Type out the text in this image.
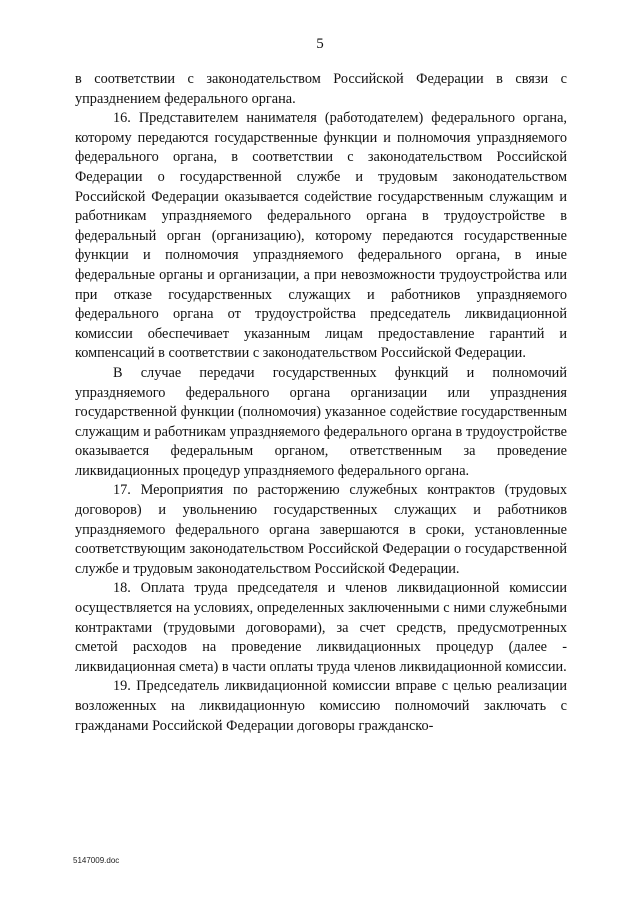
5

в соответствии с законодательством Российской Федерации в связи с упразднением федерального органа.

16. Представителем нанимателя (работодателем) федерального органа, которому передаются государственные функции и полномочия упраздняемого федерального органа, в соответствии с законодательством Российской Федерации о государственной службе и трудовым законодательством Российской Федерации оказывается содействие государственным служащим и работникам упраздняемого федерального органа в трудоустройстве в федеральный орган (организацию), которому передаются государственные функции и полномочия упраздняемого федерального органа, в иные федеральные органы и организации, а при невозможности трудоустройства или при отказе государственных служащих и работников упраздняемого федерального органа от трудоустройства председатель ликвидационной комиссии обеспечивает указанным лицам предоставление гарантий и компенсаций в соответствии с законодательством Российской Федерации.

В случае передачи государственных функций и полномочий упраздняемого федерального органа организации или упразднения государственной функции (полномочия) указанное содействие государственным служащим и работникам упраздняемого федерального органа в трудоустройстве оказывается федеральным органом, ответственным за проведение ликвидационных процедур упраздняемого федерального органа.

17. Мероприятия по расторжению служебных контрактов (трудовых договоров) и увольнению государственных служащих и работников упраздняемого федерального органа завершаются в сроки, установленные соответствующим законодательством Российской Федерации о государственной службе и трудовым законодательством Российской Федерации.

18. Оплата труда председателя и членов ликвидационной комиссии осуществляется на условиях, определенных заключенными с ними служебными контрактами (трудовыми договорами), за счет средств, предусмотренных сметой расходов на проведение ликвидационных процедур (далее - ликвидационная смета) в части оплаты труда членов ликвидационной комиссии.

19. Председатель ликвидационной комиссии вправе с целью реализации возложенных на ликвидационную комиссию полномочий заключать с гражданами Российской Федерации договоры гражданско-

5147009.doc
